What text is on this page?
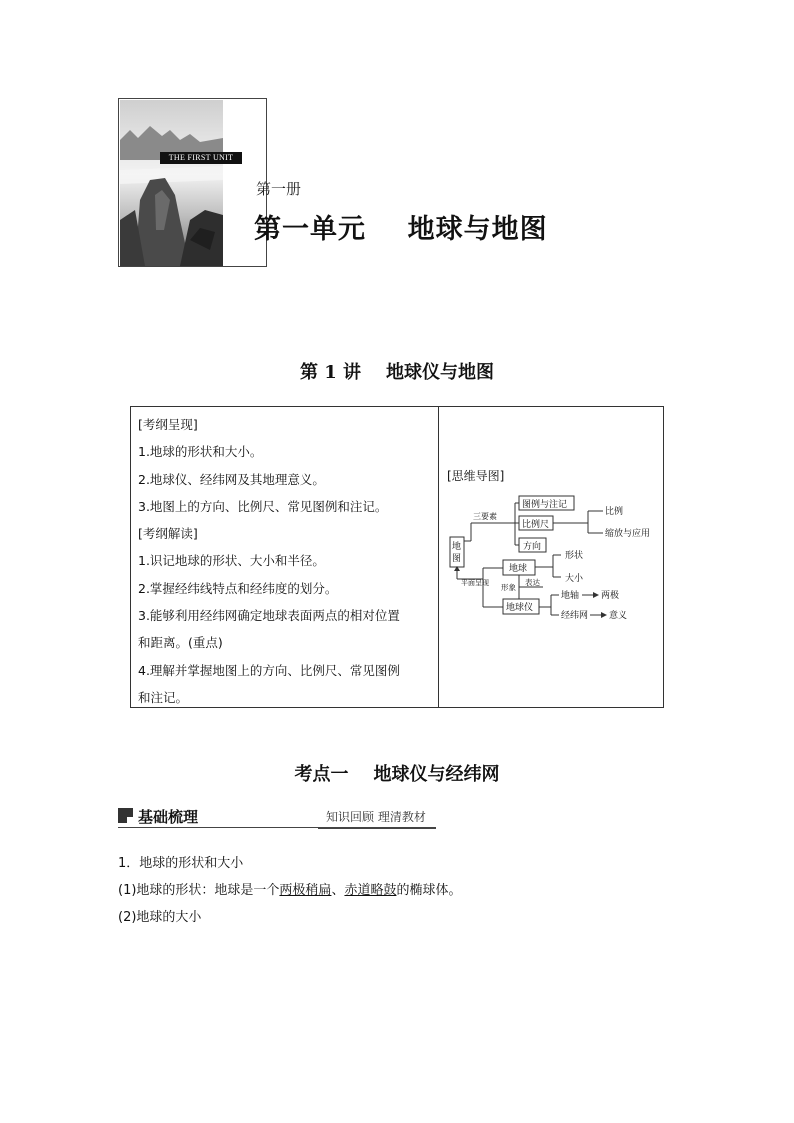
THE FIRST UNIT
第一册
第一单元    地球与地图
第 1 讲    地球仪与地图
[考纲呈现]
1.地球的形状和大小。
2.地球仪、经纬网及其地理意义。
3.地图上的方向、比例尺、常见图例和注记。
[考纲解读]
1.识记地球的形状、大小和半径。
2.掌握经纬线特点和经纬度的划分。
3.能够利用经纬网确定地球表面两点的相对位置
和距离。(重点)
4.理解并掌握地图上的方向、比例尺、常见图例
和注记。
[思维导图]
地
图
三要素
图例与注记
比例尺
方向
比例
缩放与应用
平面呈现
地球
地球仪
形象
表达
形状
大小
地轴 两极
经纬网 意义
考点一    地球仪与经纬网
基础梳理	知识回顾 理清教材
1．地球的形状和大小
(1)地球的形状：地球是一个两极稍扁、赤道略鼓的椭球体。
(2)地球的大小
